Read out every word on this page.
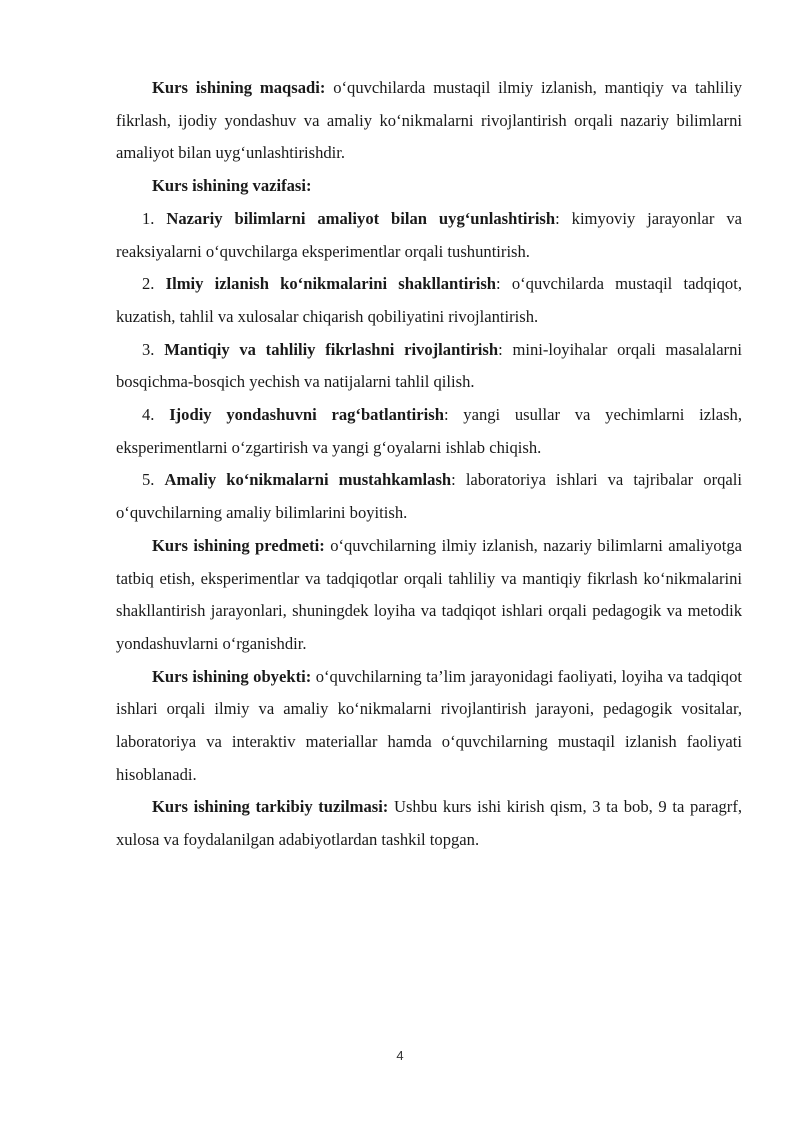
Kurs ishining maqsadi: o‘quvchilarda mustaqil ilmiy izlanish, mantiqiy va tahliliy fikrlash, ijodiy yondashuv va amaliy ko‘nikmalarni rivojlantirish orqali nazariy bilimlarni amaliyot bilan uyg‘unlashtirishdir.

Kurs ishining vazifasi:

1. Nazariy bilimlarni amaliyot bilan uyg‘unlashtirish: kimyoviy jarayonlar va reaksiyalarni o‘quvchilarga eksperimentlar orqali tushuntirish.

2. Ilmiy izlanish ko‘nikmalarini shakllantirish: o‘quvchilarda mustaqil tadqiqot, kuzatish, tahlil va xulosalar chiqarish qobiliyatini rivojlantirish.

3. Mantiqiy va tahliliy fikrlashni rivojlantirish: mini-loyihalar orqali masalalarni bosqichma-bosqich yechish va natijalarni tahlil qilish.

4. Ijodiy yondashuvni rag‘batlantirish: yangi usullar va yechimlarni izlash, eksperimentlarni o‘zgartirish va yangi g‘oyalarni ishlab chiqish.

5. Amaliy ko‘nikmalarni mustahkamlash: laboratoriya ishlari va tajribalar orqali o‘quvchilarning amaliy bilimlarini boyitish.

Kurs ishining predmeti: o‘quvchilarning ilmiy izlanish, nazariy bilimlarni amaliyotga tatbiq etish, eksperimentlar va tadqiqotlar orqali tahliliy va mantiqiy fikrlash ko‘nikmalarini shakllantirish jarayonlari, shuningdek loyiha va tadqiqot ishlari orqali pedagogik va metodik yondashuvlarni o‘rganishdir.

Kurs ishining obyekti: o‘quvchilarning ta’lim jarayonidagi faoliyati, loyiha va tadqiqot ishlari orqali ilmiy va amaliy ko‘nikmalarni rivojlantirish jarayoni, pedagogik vositalar, laboratoriya va interaktiv materiallar hamda o‘quvchilarning mustaqil izlanish faoliyati hisoblanadi.

Kurs ishining tarkibiy tuzilmasi: Ushbu kurs ishi kirish qism, 3 ta bob, 9 ta paragrf, xulosa va foydalanilgan adabiyotlardan tashkil topgan.

4
